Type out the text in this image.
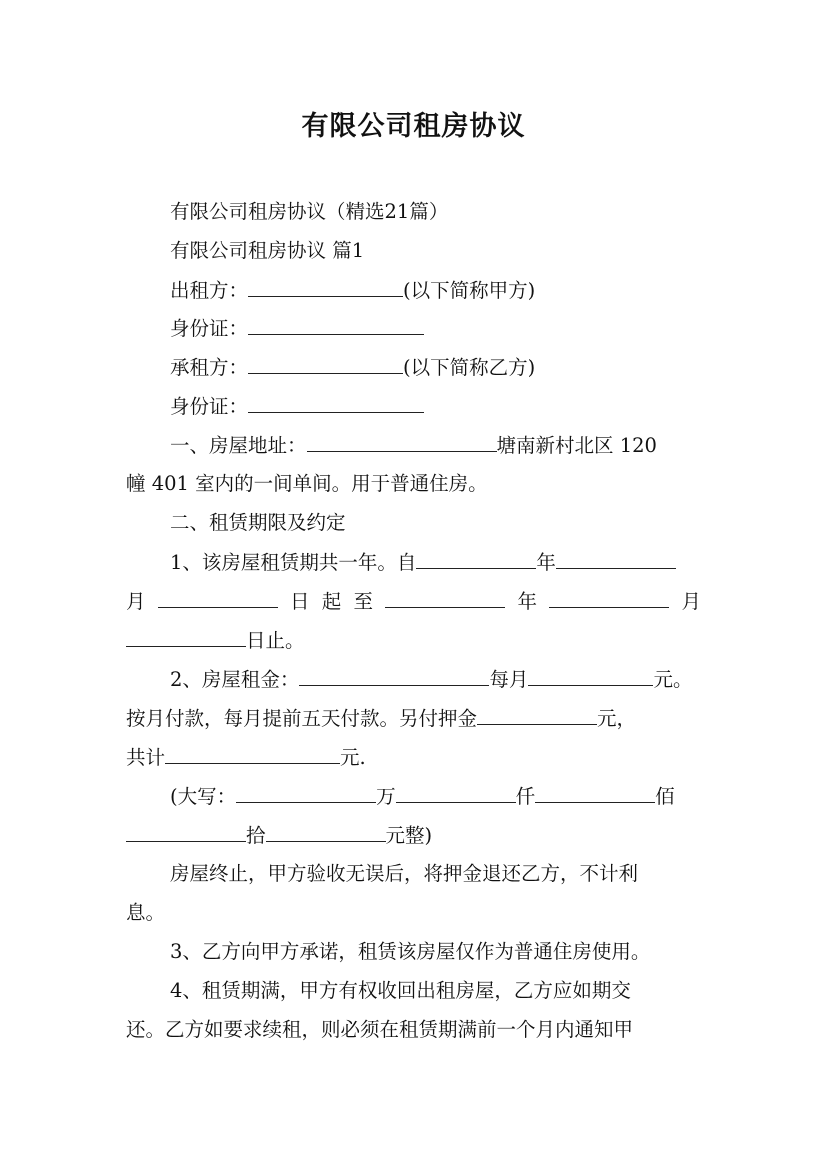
有限公司租房协议
有限公司租房协议（精选21篇）
有限公司租房协议 篇1
出租方：	(以下简称甲方)
身份证：
承租方：	(以下简称乙方)
身份证：
一、房屋地址：	塘南新村北区 120
幢 401 室内的一间单间。用于普通住房。
二、租赁期限及约定
1、该房屋租赁期共一年。自	年
月	日 起 至	年	月
日止。
2、房屋租金：	每月	元。
按月付款，每月提前五天付款。另付押金	元，
共计	元.
(大写：	万	仟	佰
拾	元整)
房屋终止，甲方验收无误后，将押金退还乙方，不计利
息。
3、乙方向甲方承诺，租赁该房屋仅作为普通住房使用。
4、租赁期满，甲方有权收回出租房屋，乙方应如期交
还。乙方如要求续租，则必须在租赁期满前一个月内通知甲
